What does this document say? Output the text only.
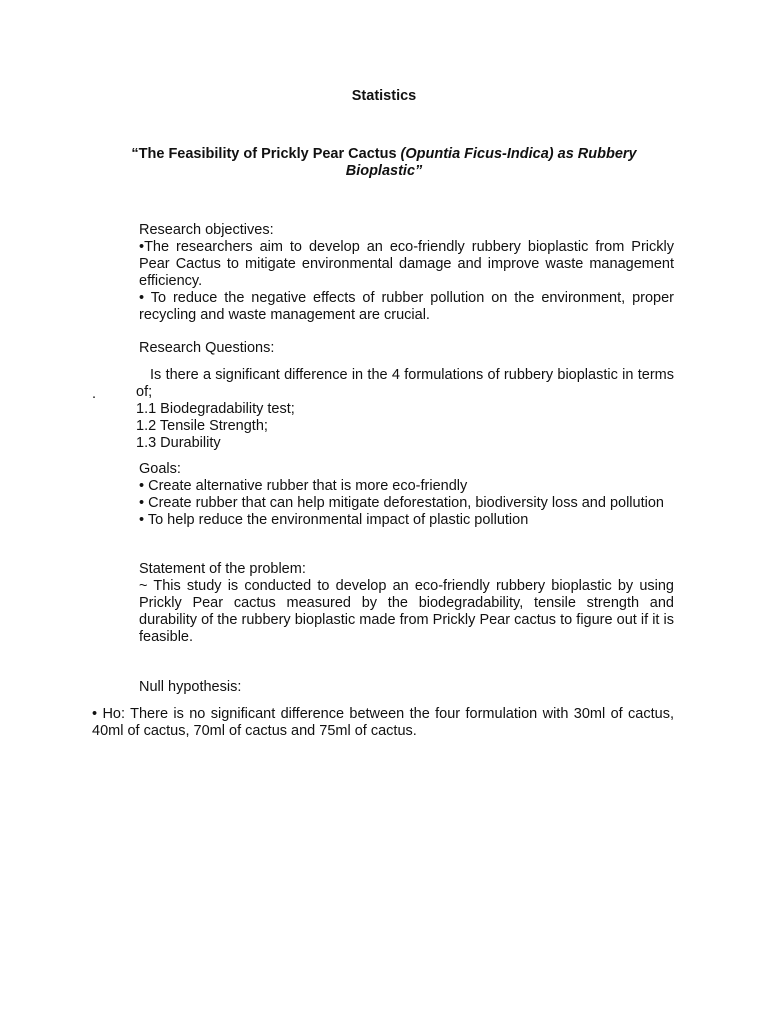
Statistics
“The Feasibility of Prickly Pear Cactus (Opuntia Ficus-Indica) as Rubbery
Bioplastic”
Research objectives:
•The researchers aim to develop an eco-friendly rubbery bioplastic from Prickly Pear Cactus to mitigate environmental damage and improve waste management efficiency.
• To reduce the negative effects of rubber pollution on the environment, proper recycling and waste management are crucial.
Research Questions:
Is there a significant difference in the 4 formulations of rubbery bioplastic in terms of;
.
1.1 Biodegradability test;
1.2 Tensile Strength;
1.3 Durability
Goals:
• Create alternative rubber that is more eco-friendly
• Create rubber that can help mitigate deforestation, biodiversity loss and pollution
• To help reduce the environmental impact of plastic pollution
Statement of the problem:
~ This study is conducted to develop an eco-friendly rubbery bioplastic by using Prickly Pear cactus measured by the biodegradability, tensile strength and durability of the rubbery bioplastic made from Prickly Pear cactus to figure out if it is feasible.
Null hypothesis:
• Ho: There is no significant difference between the four formulation with 30ml of cactus, 40ml of cactus, 70ml of cactus and 75ml of cactus.
